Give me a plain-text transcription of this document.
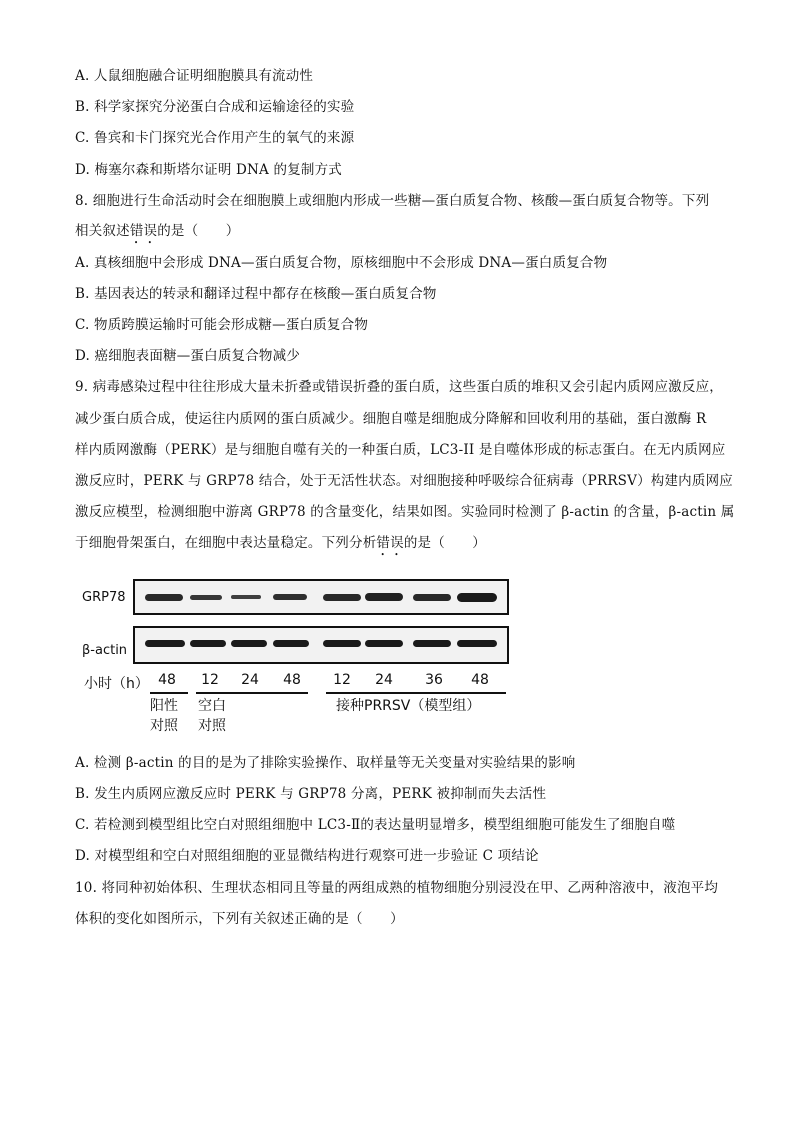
A. 人鼠细胞融合证明细胞膜具有流动性
B. 科学家探究分泌蛋白合成和运输途径的实验
C. 鲁宾和卡门探究光合作用产生的氧气的来源
D. 梅塞尔森和斯塔尔证明 DNA 的复制方式
8. 细胞进行生命活动时会在细胞膜上或细胞内形成一些糖—蛋白质复合物、核酸—蛋白质复合物等。下列
相关叙述错误的是（　　）
A. 真核细胞中会形成 DNA—蛋白质复合物，原核细胞中不会形成 DNA—蛋白质复合物
B. 基因表达的转录和翻译过程中都存在核酸—蛋白质复合物
C. 物质跨膜运输时可能会形成糖—蛋白质复合物
D. 癌细胞表面糖—蛋白质复合物减少
9. 病毒感染过程中往往形成大量未折叠或错误折叠的蛋白质，这些蛋白质的堆积又会引起内质网应激反应，
减少蛋白质合成，使运往内质网的蛋白质减少。细胞自噬是细胞成分降解和回收利用的基础，蛋白激酶 R
样内质网激酶（PERK）是与细胞自噬有关的一种蛋白质，LC3-II 是自噬体形成的标志蛋白。在无内质网应
激反应时，PERK 与 GRP78 结合，处于无活性状态。对细胞接种呼吸综合征病毒（PRRSV）构建内质网应
激反应模型，检测细胞中游离 GRP78 的含量变化，结果如图。实验同时检测了 β-actin 的含量，β-actin 属
于细胞骨架蛋白，在细胞中表达量稳定。下列分析错误的是（　　）
GRP78
β-actin
小时（h） 48 12 24 48 12 24 36 48
阳性
对照
空白
对照
接种PRRSV（模型组）
A. 检测 β-actin 的目的是为了排除实验操作、取样量等无关变量对实验结果的影响
B. 发生内质网应激反应时 PERK 与 GRP78 分离，PERK 被抑制而失去活性
C. 若检测到模型组比空白对照组细胞中 LC3-Ⅱ的表达量明显增多，模型组细胞可能发生了细胞自噬
D. 对模型组和空白对照组细胞的亚显微结构进行观察可进一步验证 C 项结论
10. 将同种初始体积、生理状态相同且等量的两组成熟的植物细胞分别浸没在甲、乙两种溶液中，液泡平均
体积的变化如图所示，下列有关叙述正确的是（　　）
